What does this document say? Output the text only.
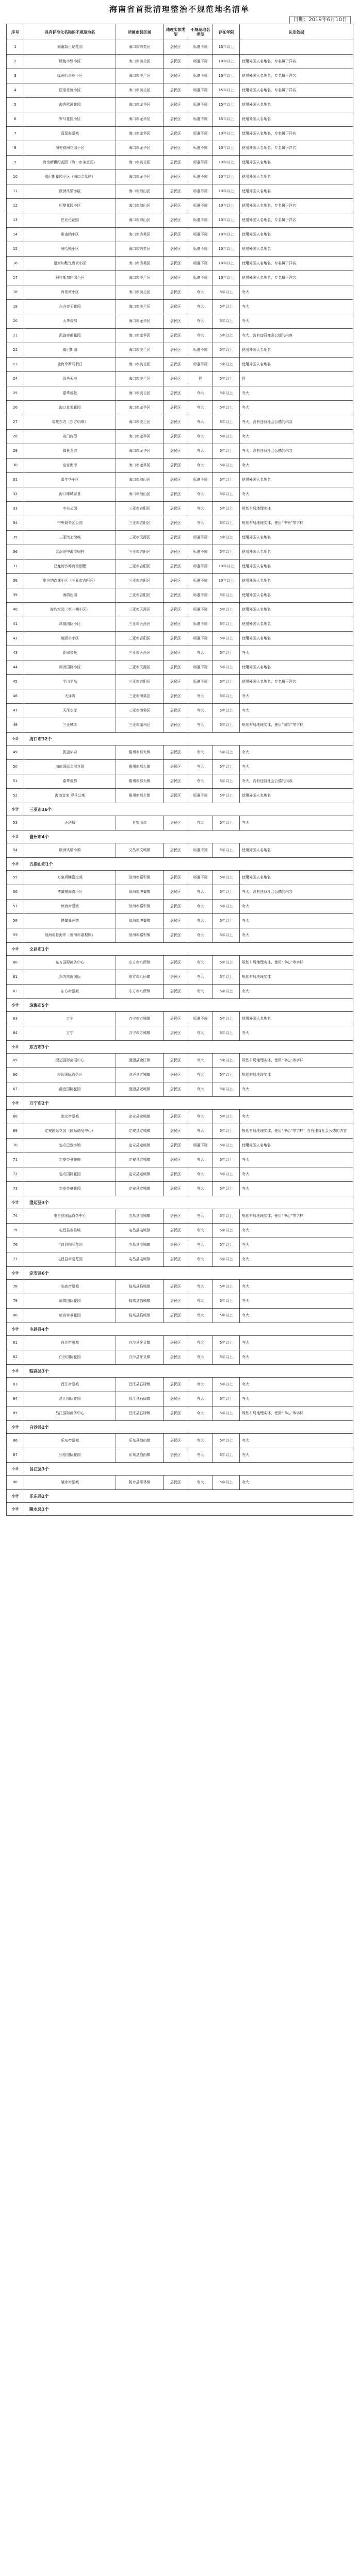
海南省首批清理整治不规范地名清单
日期：2019年6月10日
序号	具有标准化名称的不规范地名	所属市县区域	地理实体类型	不规范地名类型	存在年限	认定依据
1	海南新世纪花园	海口市秀英区	居民区	标准不规	15年以上	
2	绿色市场小区	海口市美兰区	居民区	标准不规	10年以上	使用外国人名地名，专名属于洋名
3	绿洲西岸苑小区	海口市美兰区	居民区	标准不规	10年以上	使用外国人名地名，专名属于洋名
4	国豪豪庭小区	海口市美兰区	居民区	标准不规	15年以上	使用外国人名地名，专名属于洋名
5	海秀欧洲花园	海口市龙华区	居民区	标准不规	15年以上	使用外国人名地名
6	罗马花园小区	海口市龙华区	居民区	标准不规	15年以上	使用外国人名地名
7	蓝星海景城	海口市龙华区	居民区	标准不规	10年以上	使用外国人名地名，专名属于洋名
8	海秀欧洲花园小区	海口市龙华区	居民区	标准不规	10年以上	使用外国人名地名，专名属于洋名
9	海南新世纪花园（海口市美兰区）	海口市美兰区	居民区	标准不规	10年以上	使用外国人名地名
10	威尼斯花园小区（海口金盘路）	海口市龙华区	居民区	标准不规	10年以上	使用外国人名地名
11	欧洲风情小区	海口市琼山区	居民区	标准不规	10年以上	使用外国人名地名
12	巴黎花园小区	海口市琼山区	居民区	标准不规	10年以上	使用外国人名地名，专名属于洋名
13	巴比伦花园	海口市琼山区	居民区	标准不规	10年以上	使用外国人名地名，专名属于洋名
14	维也纳小区	海口市秀英区	居民区	标准不规	10年以上	使用外国人名地名
15	曼哈顿小区	海口市秀英区	居民区	标准不规	10年以上	使用外国人名地名
16	皇家加勒比海景小区	海口市秀英区	居民区	标准不规	10年以上	使用外国人名地名，专名属于洋名
17	阿拉斯加庄园小区	海口市美兰区	居民区	标准不规	10年以上	使用外国人名地名，专名属于洋名
18	海景湾小区	海口市美兰区	居民区	夸大	5年以上	夸大
19	东方帝王花园	海口市美兰区	居民区	夸大	5年以上	夸大
20	大华帝都	海口市龙华区	居民区	夸大	5年以上	夸大
21	凯旋帝都花园	海口市龙华区	居民区	夸大	5年以上	夸大，含有违背社会公德的内容
22	威尼斯城	海口市美兰区	居民区	标准不规	5年以上	使用外国人名地名
23	金海岸罗马假日	海口市美兰区	居民区	标准不规	5年以上	使用外国人名地名
24	领秀天地	海口市美兰区	居民区	怪	5年以上	怪
25	嘉华帝景	海口市美兰区	居民区	夸大	5年以上	夸大
26	海口皇家花园	海口市龙华区	居民区	夸大	5年以上	夸大
27	帝豪东方（东方明珠）	海口市美兰区	居民区	夸大	5年以上	夸大，含有违背社会公德的内容
28	名门府邸	海口市龙华区	居民区	夸大	5年以上	夸大
29	御景龙庭	海口市龙华区	居民区	夸大	5年以上	夸大，含有违背社会公德的内容
30	皇家海岸	海口市龙华区	居民区	夸大	5年以上	夸大
31	嘉年华小区	海口市琼山区	居民区	标准不规	5年以上	使用外国人名地名
32	海口椰城帝景	海口市琼山区	居民区	夸大	5年以上	夸大
33	中央公园	三亚市吉阳区	居民区	夸大	5年以上	规划布局地理实体
34	中央商务区公园	三亚市吉阳区	居民区	夸大	5年以上	规划布局地理实体，使用“中央”等字样
35	三亚湾上海城	三亚市天涯区	居民区	标准不规	5年以上	使用外国人名地名
36	金润地中海度假村	三亚市吉阳区	居民区	标准不规	5年以上	使用外国人名地名
37	亚龙湾沙滩海景别墅	三亚市吉阳区	居民区	标准不规	10年以上	使用外国人名地名
38	维也纳森林小区（三亚市吉阳区）	三亚市吉阳区	居民区	标准不规	10年以上	使用外国人名地名
39	海韵佳园	三亚市吉阳区	居民区	标准不规	5年以上	使用外国人名地名
40	海韵家园（第一期小区）	三亚市天涯区	居民区	标准不规	5年以上	使用外国人名地名
41	凤凰国际小区	三亚市天涯区	居民区	标准不规	5年以上	使用外国人名地名
42	鹿回头小区	三亚市吉阳区	居民区	标准不规	5年以上	使用外国人名地名
43	新城帝景	三亚市天涯区	居民区	夸大	5年以上	夸大
44	鸿洲国际小区	三亚市天涯区	居民区	标准不规	5年以上	使用外国人名地名
45	半山半岛	三亚市吉阳区	居民区	标准不规	5年以上	使用外国人名地名，专名属于洋名
46	天泽湾	三亚市海棠区	居民区	夸大	5年以上	夸大
47	天泽水岸	三亚市海棠区	居民区	夸大	5年以上	夸大
48	三亚城市	三亚市崖州区	居民区	夸大	5年以上	规划布局地理实体，使用“城市”等字样
小计	海口市32个					
49	凯旋华府	儋州市那大镇	居民区	夸大	5年以上	夸大
50	海南国际会展花园	儋州市那大镇	居民区	夸大	5年以上	夸大
51	嘉华帝都	儋州市那大镇	居民区	夸大	5年以上	夸大，含有违背社会公德的内容
52	海南宜家·罗马公寓	儋州市那大镇	居民区	标准不规	5年以上	使用外国人名地名
小计	三亚市16个					
53	天地城	五指山市	居民区	夸大	5年以上	夸大
小计	儋州市4个					
54	欧洲风情小镇	文昌市文城镇	居民区	标准不规	5年以上	使用外国人名地名
小计	五指山市1个					
55	万泉河畔嘉宝苑	琼海市嘉积镇	居民区	标准不规	5年以上	使用外国人名地名
56	博鳌银海湾小区	琼海市博鳌镇	居民区	夸大	5年以上	夸大，含有违背社会公德的内容
57	琼海帝景湾	琼海市嘉积镇	居民区	夸大	5年以上	夸大
58	博鳌亚洲湾	琼海市博鳌镇	居民区	夸大	5年以上	夸大
59	琼海帝景海岸（琼海市嘉积镇）	琼海市嘉积镇	居民区	夸大	5年以上	夸大
小计	文昌市1个					
60	东方国际商务中心	东方市八所镇	居民区	夸大	5年以上	规划布局地理实体，使用“中心”等字样
61	东方凯旋国际	东方市八所镇	居民区	夸大	5年以上	规划布局地理实体
62	东方帝景城	东方市八所镇	居民区	夸大	5年以上	夸大
小计	琼海市5个					
63	万宁	万宁市万城镇	居民区	标准不规	5年以上	使用外国人名地名
64	万宁	万宁市万城镇	居民区	夸大	5年以上	夸大
小计	东方市3个					
65	澄迈国际会展中心	澄迈县金江镇	居民区	夸大	5年以上	规划布局地理实体，使用“中心”等字样
66	澄迈国际商务区	澄迈县老城镇	居民区	夸大	5年以上	规划布局地理实体
67	澄迈国际花园	澄迈县老城镇	居民区	夸大	5年以上	夸大
小计	万宁市2个					
68	定安帝景城	定安县定城镇	居民区	夸大	5年以上	夸大
69	定安国际花园（国际商务中心）	定安县定城镇	居民区	夸大	5年以上	规划布局地理实体，使用“中心”等字样，含有违背社会公德的内容
70	定安巴黎小镇	定安县定城镇	居民区	标准不规	5年以上	使用外国人名地名
71	定安帝景豪庭	定安县定城镇	居民区	夸大	5年以上	夸大
72	定安国际花园	定安县定城镇	居民区	夸大	5年以上	夸大
73	定安帝豪花园	定安县定城镇	居民区	夸大	5年以上	夸大
小计	澄迈县3个					
74	屯昌县国际商务中心	屯昌县屯城镇	居民区	夸大	5年以上	规划布局地理实体，使用“中心”等字样
75	屯昌县帝景城	屯昌县屯城镇	居民区	夸大	5年以上	夸大
76	屯昌县国际花园	屯昌县屯城镇	居民区	夸大	5年以上	夸大
77	屯昌县帝豪花园	屯昌县屯城镇	居民区	夸大	5年以上	夸大
小计	定安县6个					
78	临高帝景城	临高县临城镇	居民区	夸大	5年以上	夸大
79	临高国际花园	临高县临城镇	居民区	夸大	5年以上	夸大
80	临高帝豪花园	临高县临城镇	居民区	夸大	5年以上	夸大
小计	屯昌县4个					
81	白沙帝景城	白沙县牙叉镇	居民区	夸大	5年以上	夸大
82	白沙国际花园	白沙县牙叉镇	居民区	夸大	5年以上	夸大
小计	临高县3个					
83	昌江帝景城	昌江县石碌镇	居民区	夸大	5年以上	夸大
84	昌江国际花园	昌江县石碌镇	居民区	夸大	5年以上	夸大
85	昌江国际商务中心	昌江县石碌镇	居民区	夸大	5年以上	规划布局地理实体，使用“中心”等字样
小计	白沙县2个					
86	乐东帝景城	乐东县抱由镇	居民区	夸大	5年以上	夸大
87	乐东国际花园	乐东县抱由镇	居民区	夸大	5年以上	夸大
小计	昌江县3个					
88	陵水帝景城	陵水县椰林镇	居民区	夸大	5年以上	夸大
小计	乐东县2个					
小计	陵水县1个					
